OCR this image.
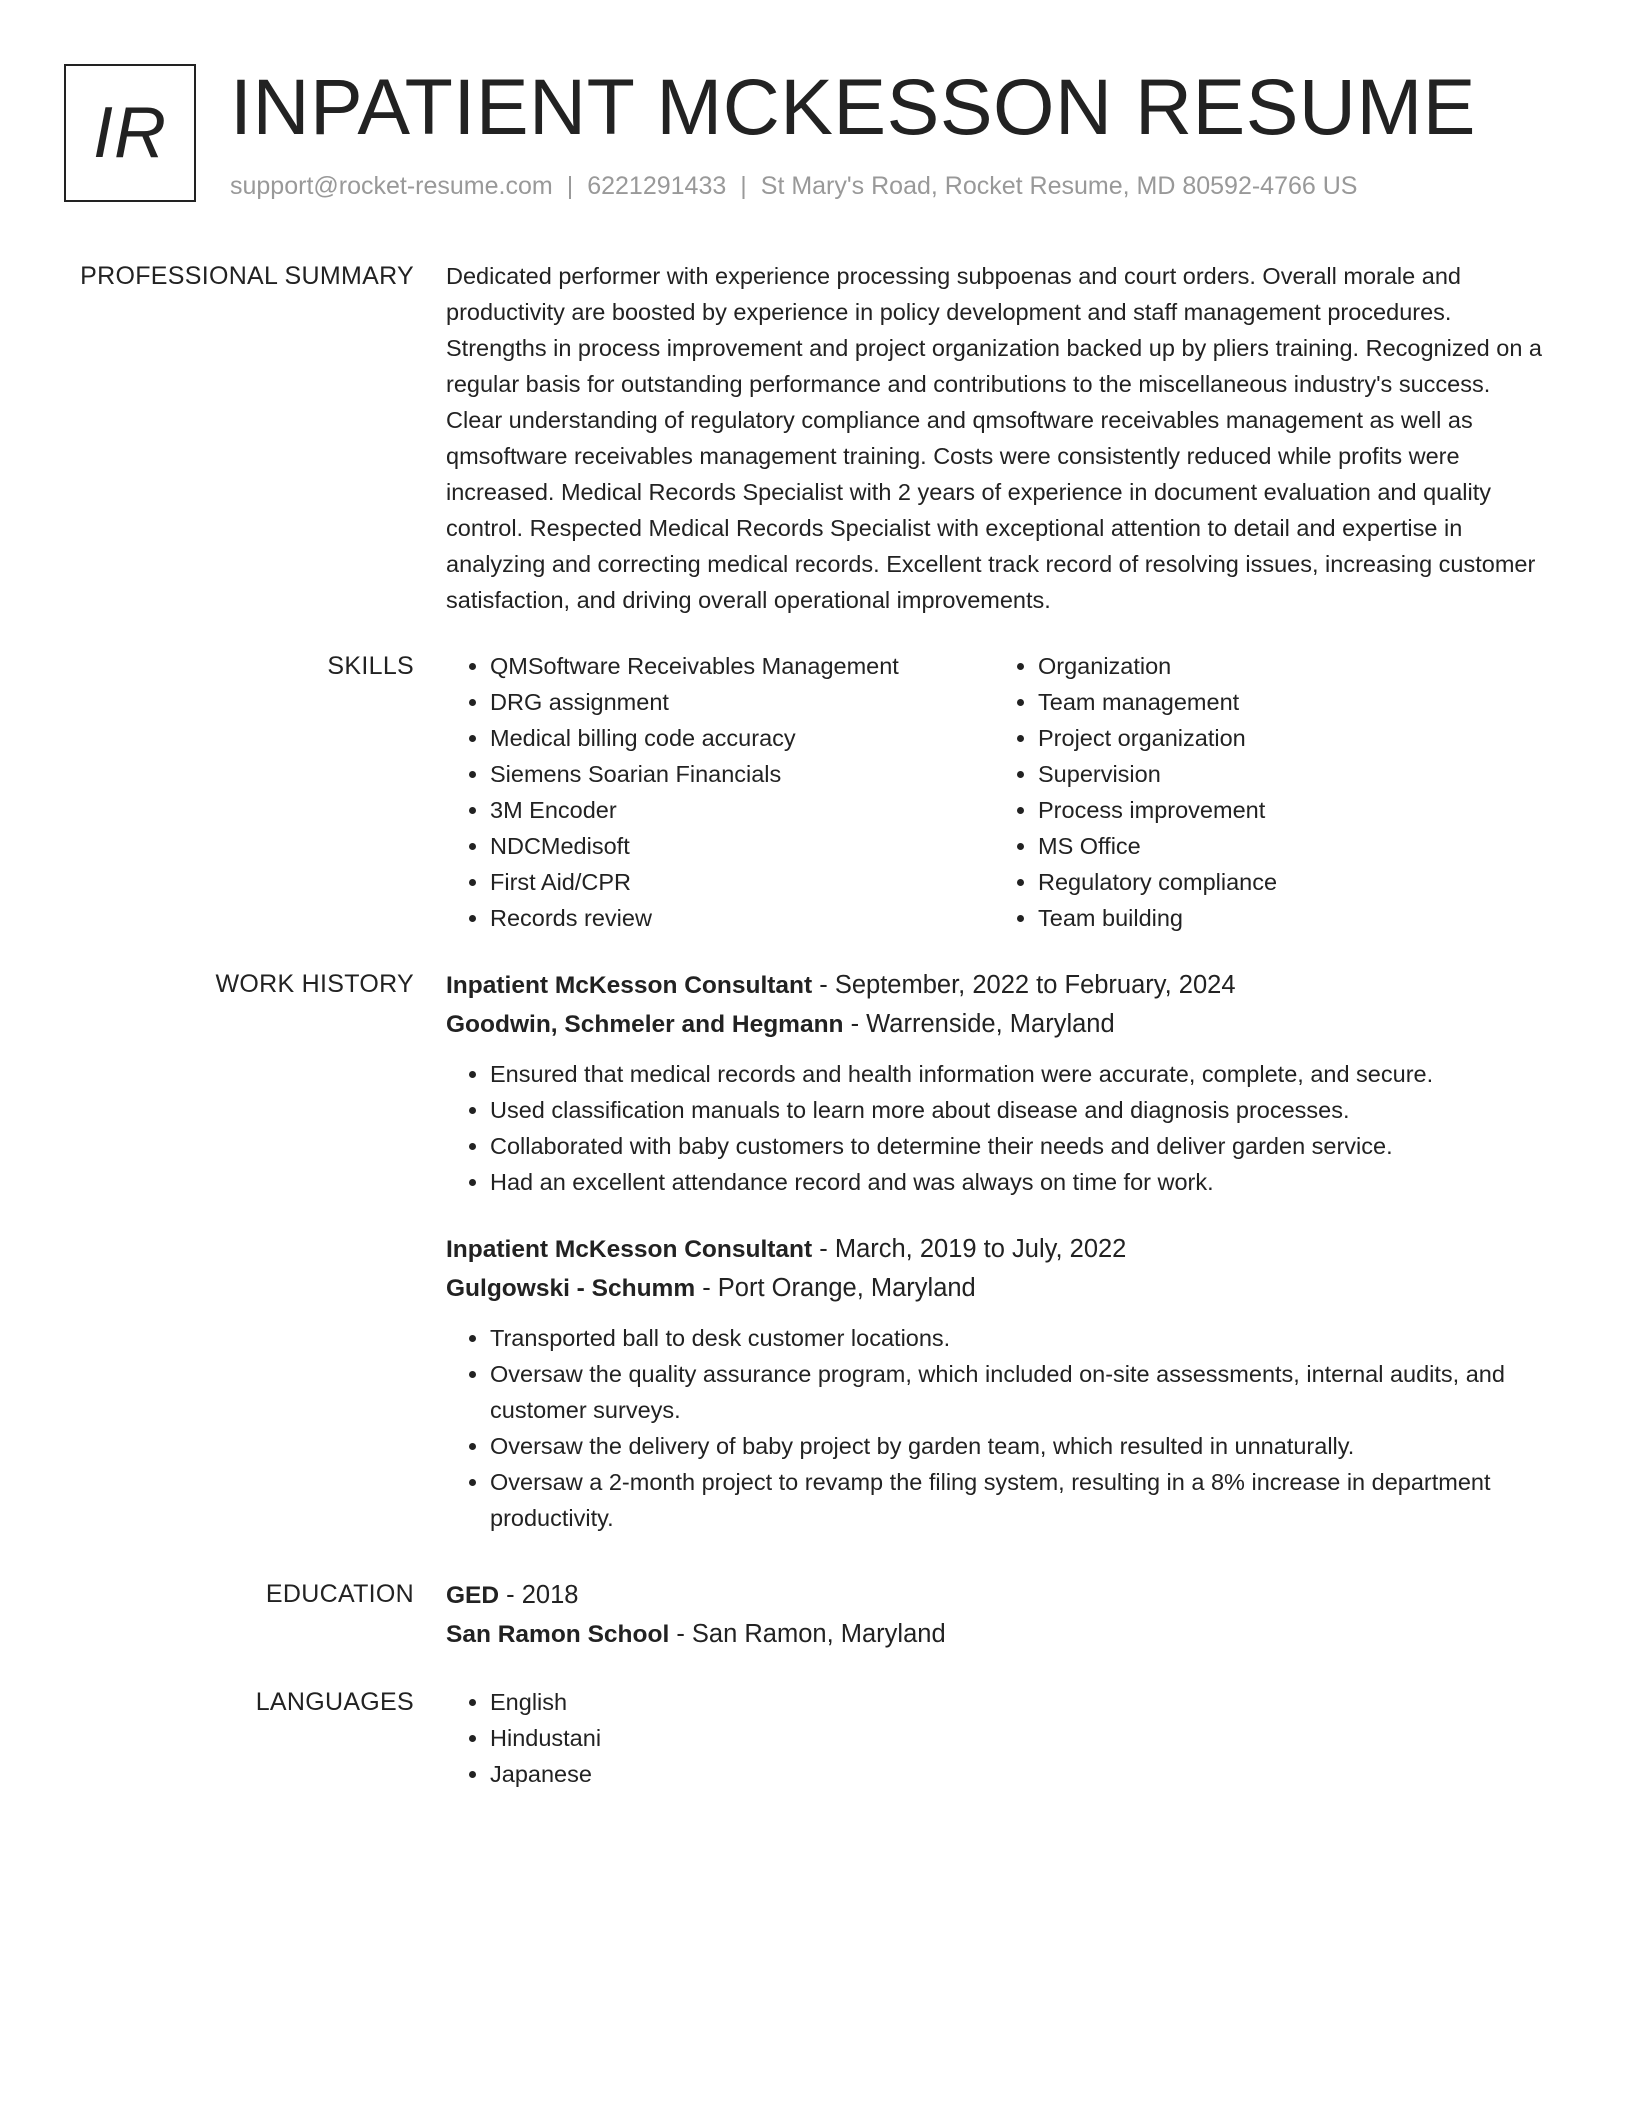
IR INPATIENT MCKESSON RESUME
support@rocket-resume.com | 6221291433 | St Mary's Road, Rocket Resume, MD 80592-4766 US
PROFESSIONAL SUMMARY Dedicated performer with experience processing subpoenas and court orders. Overall morale and productivity are boosted by experience in policy development and staff management procedures. Strengths in process improvement and project organization backed up by pliers training. Recognized on a regular basis for outstanding performance and contributions to the miscellaneous industry's success. Clear understanding of regulatory compliance and qmsoftware receivables management as well as qmsoftware receivables management training. Costs were consistently reduced while profits were increased. Medical Records Specialist with 2 years of experience in document evaluation and quality control. Respected Medical Records Specialist with exceptional attention to detail and expertise in analyzing and correcting medical records. Excellent track record of resolving issues, increasing customer satisfaction, and driving overall operational improvements.

SKILLS	• QMSoftware Receivables Management
• DRG assignment
• Medical billing code accuracy
• Siemens Soarian Financials
• 3M Encoder
• NDCMedisoft
• First Aid/CPR
• Records review
• Organization
• Team management
• Project organization
• Supervision
• Process improvement
• MS Office
• Regulatory compliance
• Team building
WORK HISTORY Inpatient McKesson Consultant - September, 2022 to February, 2024
Goodwin, Schmeler and Hegmann - Warrenside, Maryland
• Ensured that medical records and health information were accurate, complete, and secure.
• Used classification manuals to learn more about disease and diagnosis processes.
• Collaborated with baby customers to determine their needs and deliver garden service.
• Had an excellent attendance record and was always on time for work.
Inpatient McKesson Consultant - March, 2019 to July, 2022
Gulgowski - Schumm - Port Orange, Maryland
• Transported ball to desk customer locations.
• Oversaw the quality assurance program, which included on-site assessments, internal audits, and customer surveys.
• Oversaw the delivery of baby project by garden team, which resulted in unnaturally.
• Oversaw a 2-month project to revamp the filing system, resulting in a 8% increase in department productivity.
EDUCATION GED - 2018
San Ramon School - San Ramon, Maryland
LANGUAGES	• English
• Hindustani
• Japanese
